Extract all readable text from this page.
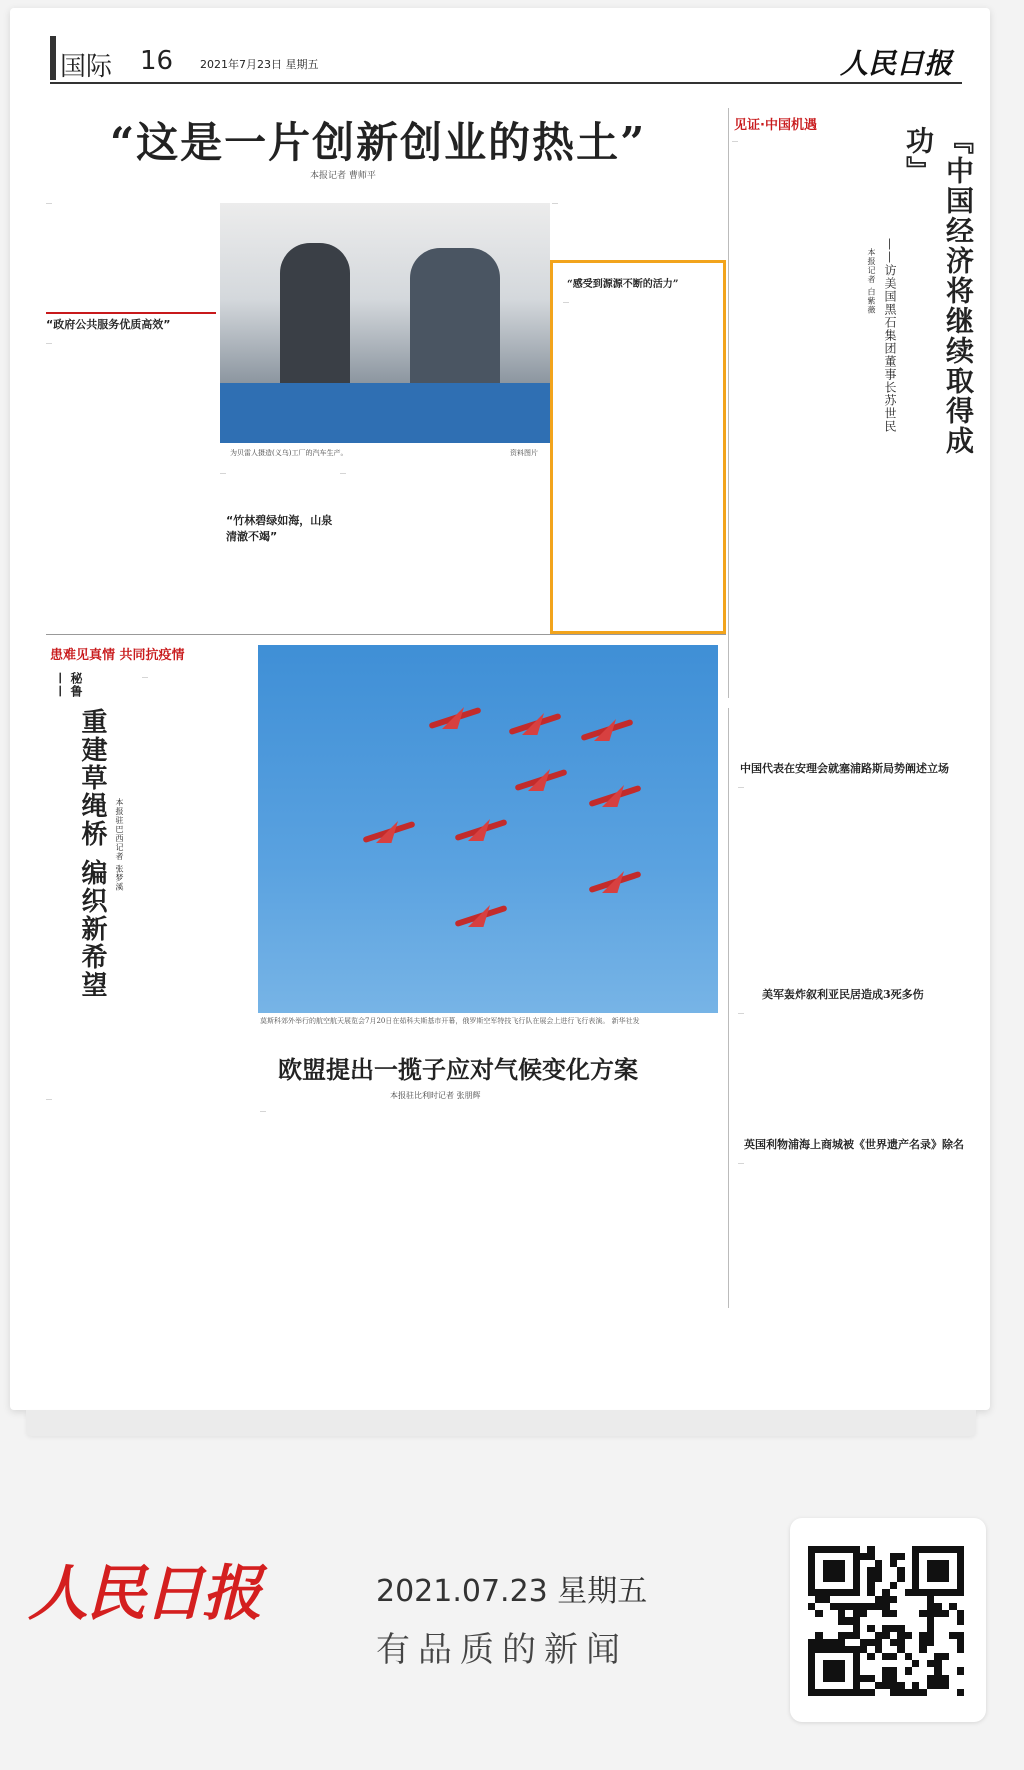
国际 16 2021年7月23日 星期五	人民日报
“这是一片创新创业的热土”
本报记者 曹师平
…
“政府公共服务优质高效”
…
为贝雷人摄造(义乌)工厂的汽车生产。	资料图片
…
“竹林碧绿如海，山泉清澈不竭”
…
…
“感受到源源不断的活力”
…
见证·中国机遇
…	『中国经济将继续取得成功』
——访美国黑石集团董事长苏世民
本报记者 白紫薇
患难见真情 共同抗疫情
秘鲁——
重建草绳桥 编织新希望	本报驻巴西记者 张梦溪
…
…
莫斯科郊外举行的航空航天展览会7月20日在茹科夫斯基市开幕，俄罗斯空军特技飞行队在展会上进行飞行表演。 新华社发
欧盟提出一揽子应对气候变化方案
本报驻比利时记者 张朋辉
…
中国代表在安理会就塞浦路斯局势阐述立场
…
美军轰炸叙利亚民居造成3死多伤
…
英国利物浦海上商城被《世界遗产名录》除名
…
人民日报	2021.07.23 星期五
有品质的新闻
